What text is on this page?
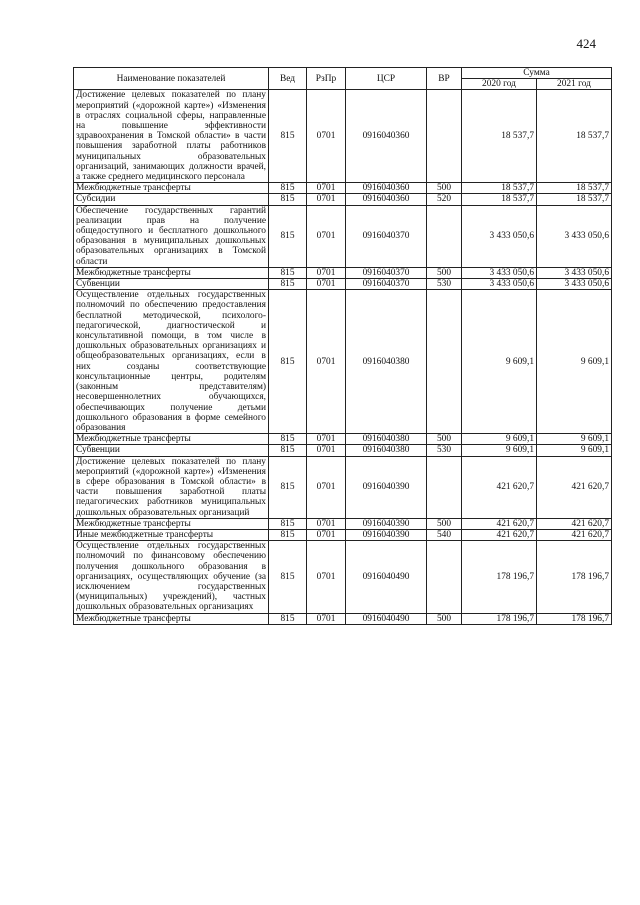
424
Наименование показателей	Вед	РзПр	ЦСР	ВР	Сумма	
					2020 год	2021 год
Достижение целевых показателей по плану мероприятий («дорожной карте») «Изменения в отраслях социальной сферы, направленные на повышение эффективности здравоохранения в Томской области» в части повышения заработной платы работников муниципальных образовательных организаций, занимающих должности врачей, а также среднего медицинского персонала	815	0701	0916040360		18 537,7	18 537,7
Межбюджетные трансферты	815	0701	0916040360	500	18 537,7	18 537,7
Субсидии	815	0701	0916040360	520	18 537,7	18 537,7
Обеспечение государственных гарантий реализации прав на получение общедоступного и бесплатного дошкольного образования в муниципальных дошкольных образовательных организациях в Томской области	815	0701	0916040370		3 433 050,6	3 433 050,6
Межбюджетные трансферты	815	0701	0916040370	500	3 433 050,6	3 433 050,6
Субвенции	815	0701	0916040370	530	3 433 050,6	3 433 050,6
Осуществление отдельных государственных полномочий по обеспечению предоставления бесплатной методической, психолого-педагогической, диагностической и консультативной помощи, в том числе в дошкольных образовательных организациях и общеобразовательных организациях, если в них созданы соответствующие консультационные центры, родителям (законным представителям) несовершеннолетних обучающихся, обеспечивающих получение детьми дошкольного образования в форме семейного образования	815	0701	0916040380		9 609,1	9 609,1
Межбюджетные трансферты	815	0701	0916040380	500	9 609,1	9 609,1
Субвенции	815	0701	0916040380	530	9 609,1	9 609,1
Достижение целевых показателей по плану мероприятий («дорожной карте») «Изменения в сфере образования в Томской области» в части повышения заработной платы педагогических работников муниципальных дошкольных образовательных организаций	815	0701	0916040390		421 620,7	421 620,7
Межбюджетные трансферты	815	0701	0916040390	500	421 620,7	421 620,7
Иные межбюджетные трансферты	815	0701	0916040390	540	421 620,7	421 620,7
Осуществление отдельных государственных полномочий по финансовому обеспечению получения дошкольного образования в организациях, осуществляющих обучение (за исключением государственных (муниципальных) учреждений), частных дошкольных образовательных организациях	815	0701	0916040490		178 196,7	178 196,7
Межбюджетные трансферты	815	0701	0916040490	500	178 196,7	178 196,7
